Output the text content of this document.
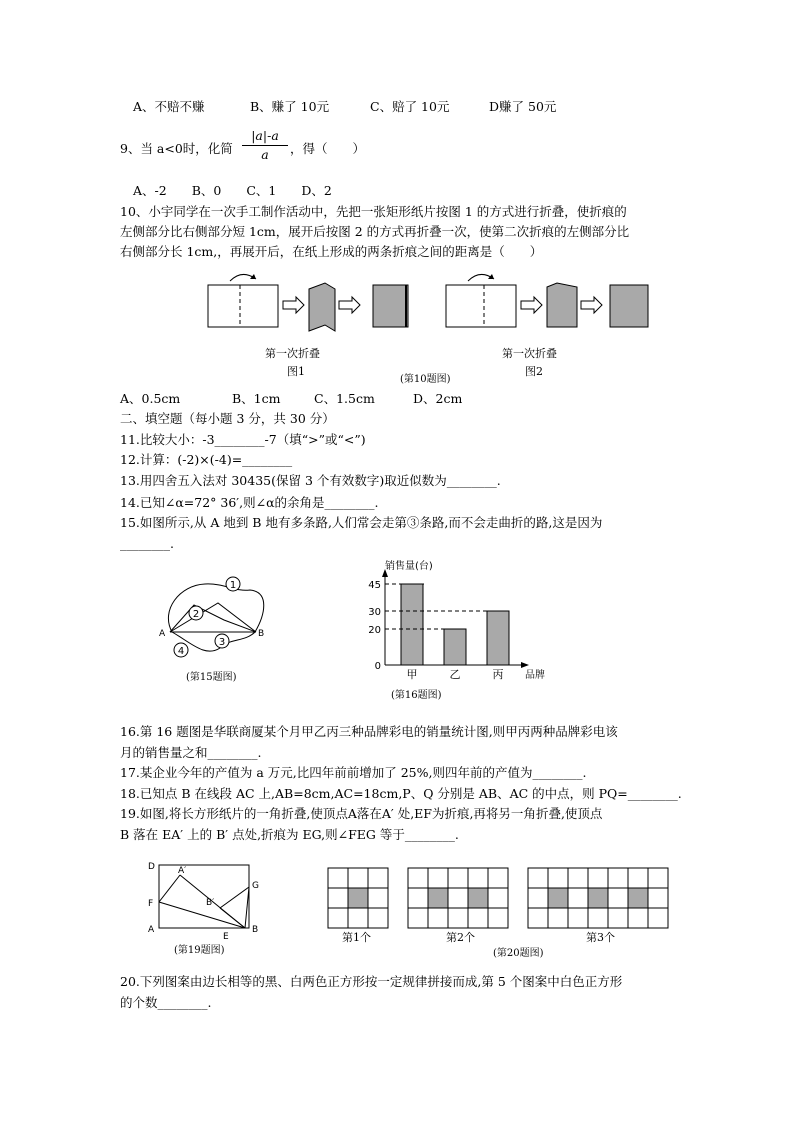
A、不赔不赚	B、赚了 10元	C、赔了 10元	D赚了 50元
9、当 a<0时，化简
|a|-a
a	，得（　　）
A、-2　　B、0　　C、1　　D、2
10、小宇同学在一次手工制作活动中，先把一张矩形纸片按图 1 的方式进行折叠，使折痕的
左侧部分比右侧部分短 1cm，展开后按图 2 的方式再折叠一次，使第二次折痕的左侧部分比
右侧部分长 1cm,，再展开后，在纸上形成的两条折痕之间的距离是（　　）
第一次折叠
图1
第一次折叠
图2
(第10题图)
A、0.5cm	B、1cm	C、1.5cm	D、2cm
二、填空题（每小题 3 分，共 30 分）
11.比较大小：-3________-7（填“>”或“<”)
12.计算：(-2)×(-4)=________
13.用四舍五入法对 30435(保留 3 个有效数字)取近似数为________.
14.已知∠α=72° 36′,则∠α的余角是________.
15.如图所示,从 A 地到 B 地有多条路,人们常会走第③条路,而不会走曲折的路,这是因为
________.
1
2
3
4
A	B
(第15题图)
销售量(台)
品牌
0
20
30
45
甲	乙	丙
(第16题图)
16.第 16 题图是华联商厦某个月甲乙丙三种品牌彩电的销量统计图,则甲丙两种品牌彩电该
月的销售量之和________.
17.某企业今年的产值为 a 万元,比四年前前增加了 25%,则四年前的产值为________.
18.已知点 B 在线段 AC 上,AB=8cm,AC=18cm,P、Q 分别是 AB、AC 的中点，则 PQ=________.
19.如图,将长方形纸片的一角折叠,使顶点A落在A′ 处,EF为折痕,再将另一角折叠,使顶点
B 落在 EA′ 上的 B′ 点处,折痕为 EG,则∠FEG 等于________.
D	A′
G
F	B′
A
E
B
(第19题图)
第1个	第2个	第3个
(第20题图)
20.下列图案由边长相等的黑、白两色正方形按一定规律拼接而成,第 5 个图案中白色正方形
的个数________.
